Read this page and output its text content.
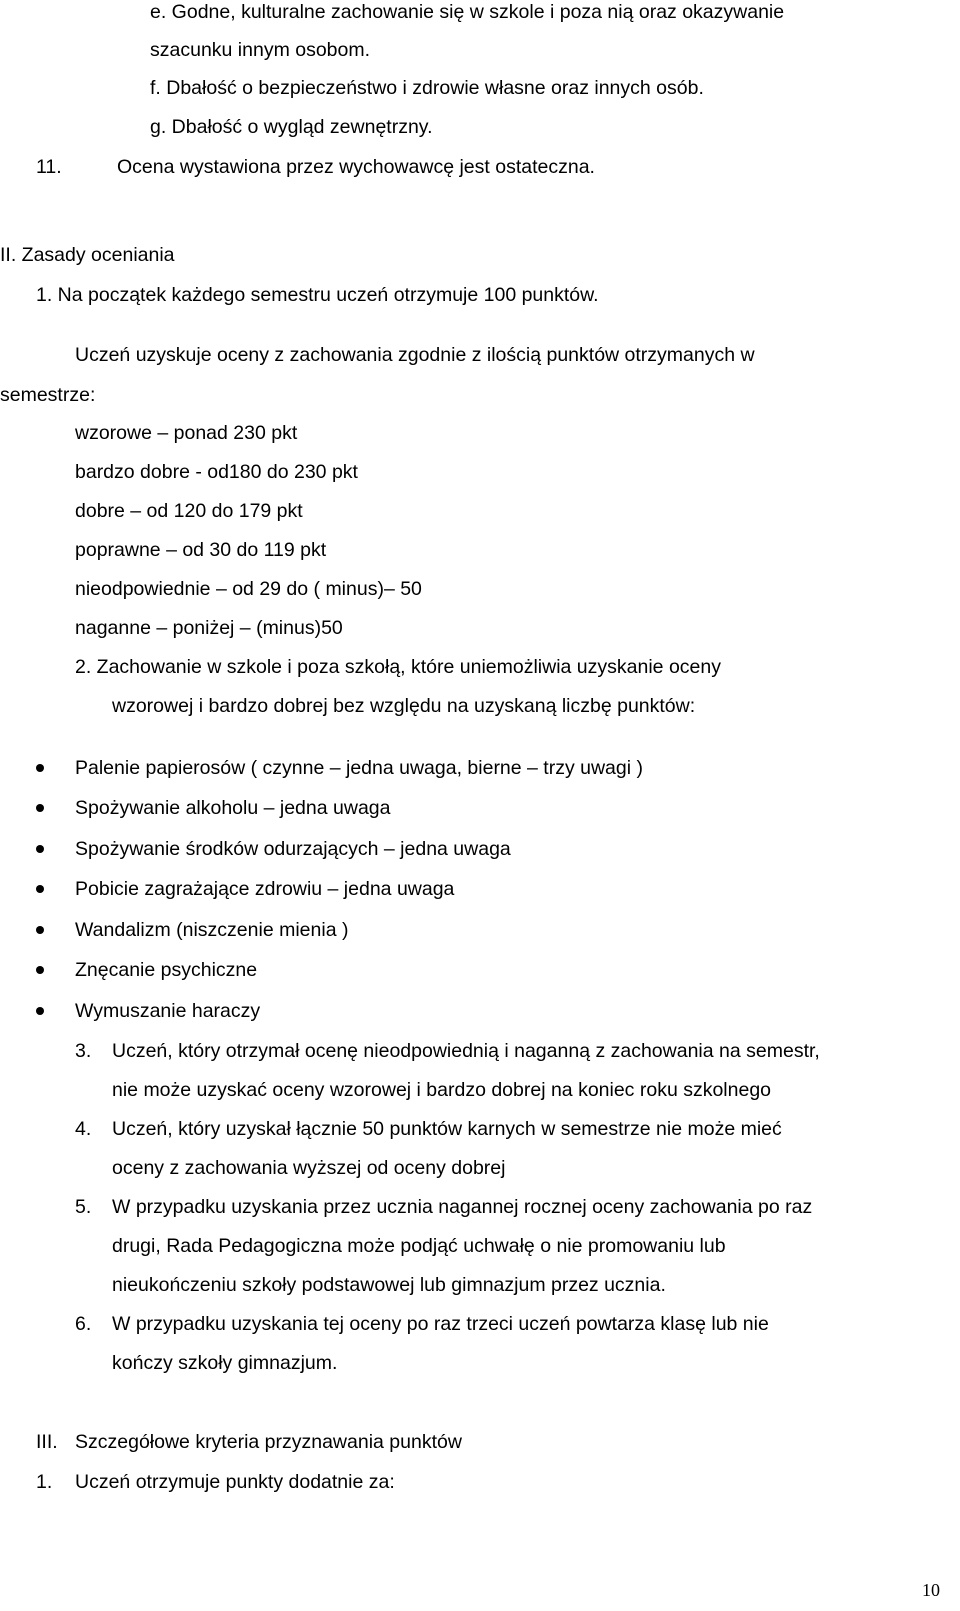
e. Godne, kulturalne zachowanie się w szkole i poza nią oraz okazywanie
szacunku innym osobom.
f. Dbałość o bezpieczeństwo i zdrowie własne oraz innych osób.
g. Dbałość o wygląd zewnętrzny.
11.	Ocena wystawiona przez wychowawcę jest ostateczna.
II. Zasady oceniania
1. Na początek każdego semestru uczeń otrzymuje 100 punktów.
Uczeń uzyskuje oceny z zachowania zgodnie z ilością punktów otrzymanych w
semestrze:
wzorowe – ponad 230 pkt
bardzo dobre - od180 do 230 pkt
dobre – od 120 do 179 pkt
poprawne – od 30 do 119 pkt
nieodpowiednie – od 29 do ( minus)– 50
naganne – poniżej – (minus)50
2. Zachowanie w szkole i poza szkołą, które uniemożliwia uzyskanie oceny
wzorowej i bardzo dobrej bez względu na uzyskaną liczbę punktów:
Palenie papierosów ( czynne – jedna uwaga, bierne – trzy uwagi )
Spożywanie alkoholu – jedna uwaga
Spożywanie środków odurzających – jedna uwaga
Pobicie zagrażające zdrowiu – jedna uwaga
Wandalizm (niszczenie mienia )
Znęcanie psychiczne
Wymuszanie haraczy
3. Uczeń, który otrzymał ocenę nieodpowiednią i naganną z zachowania na semestr,
nie może uzyskać oceny wzorowej i bardzo dobrej na koniec roku szkolnego
4. Uczeń, który uzyskał łącznie 50 punktów karnych w semestrze nie może mieć
oceny z zachowania wyższej od oceny dobrej
5. W przypadku uzyskania przez ucznia nagannej rocznej oceny zachowania po raz
drugi, Rada Pedagogiczna może podjąć uchwałę o nie promowaniu lub
nieukończeniu szkoły podstawowej lub gimnazjum przez ucznia.
6. W przypadku uzyskania tej oceny po raz trzeci uczeń powtarza klasę lub nie
kończy szkoły gimnazjum.
III. Szczegółowe kryteria przyznawania punktów
1. Uczeń otrzymuje punkty dodatnie za:
10
